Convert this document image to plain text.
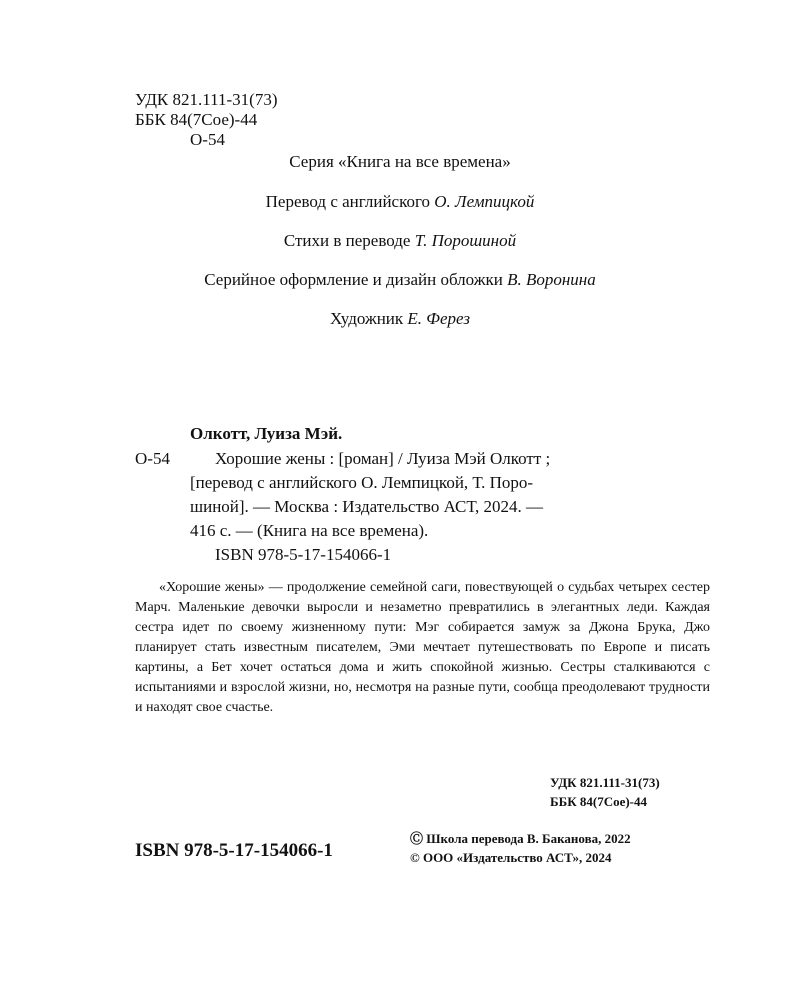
УДК 821.111-31(73)
ББК 84(7Сое)-44
О-54
Серия «Книга на все времена»
Перевод с английского О. Лемпицкой
Стихи в переводе Т. Порошиной
Серийное оформление и дизайн обложки В. Воронина
Художник Е. Ферез
Олкотт, Луиза Мэй.
О-54	Хорошие жены : [роман] / Луиза Мэй Олкотт ;
[перевод с английского О. Лемпицкой, Т. Поро-
шиной]. — Москва : Издательство АСТ, 2024. —
416 с. — (Книга на все времена).
ISBN 978-5-17-154066-1

«Хорошие жены» — продолжение семейной саги, повествующей о судьбах четырех сестер Марч. Маленькие девочки выросли и незаметно превратились в элегантных леди. Каждая сестра идет по своему жизненному пути: Мэг собирается замуж за Джона Брука, Джо планирует стать известным писателем, Эми мечтает путешествовать по Европе и писать картины, а Бет хочет остаться дома и жить спокойной жизнью. Сестры сталкиваются с испытаниями и взрослой жизни, но, несмотря на разные пути, сообща преодолевают трудности и находят свое счастье.

УДК 821.111-31(73)
ББК 84(7Сое)-44
ISBN 978-5-17-154066-1
Ⓒ Школа перевода В. Баканова, 2022
© ООО «Издательство АСТ», 2024
